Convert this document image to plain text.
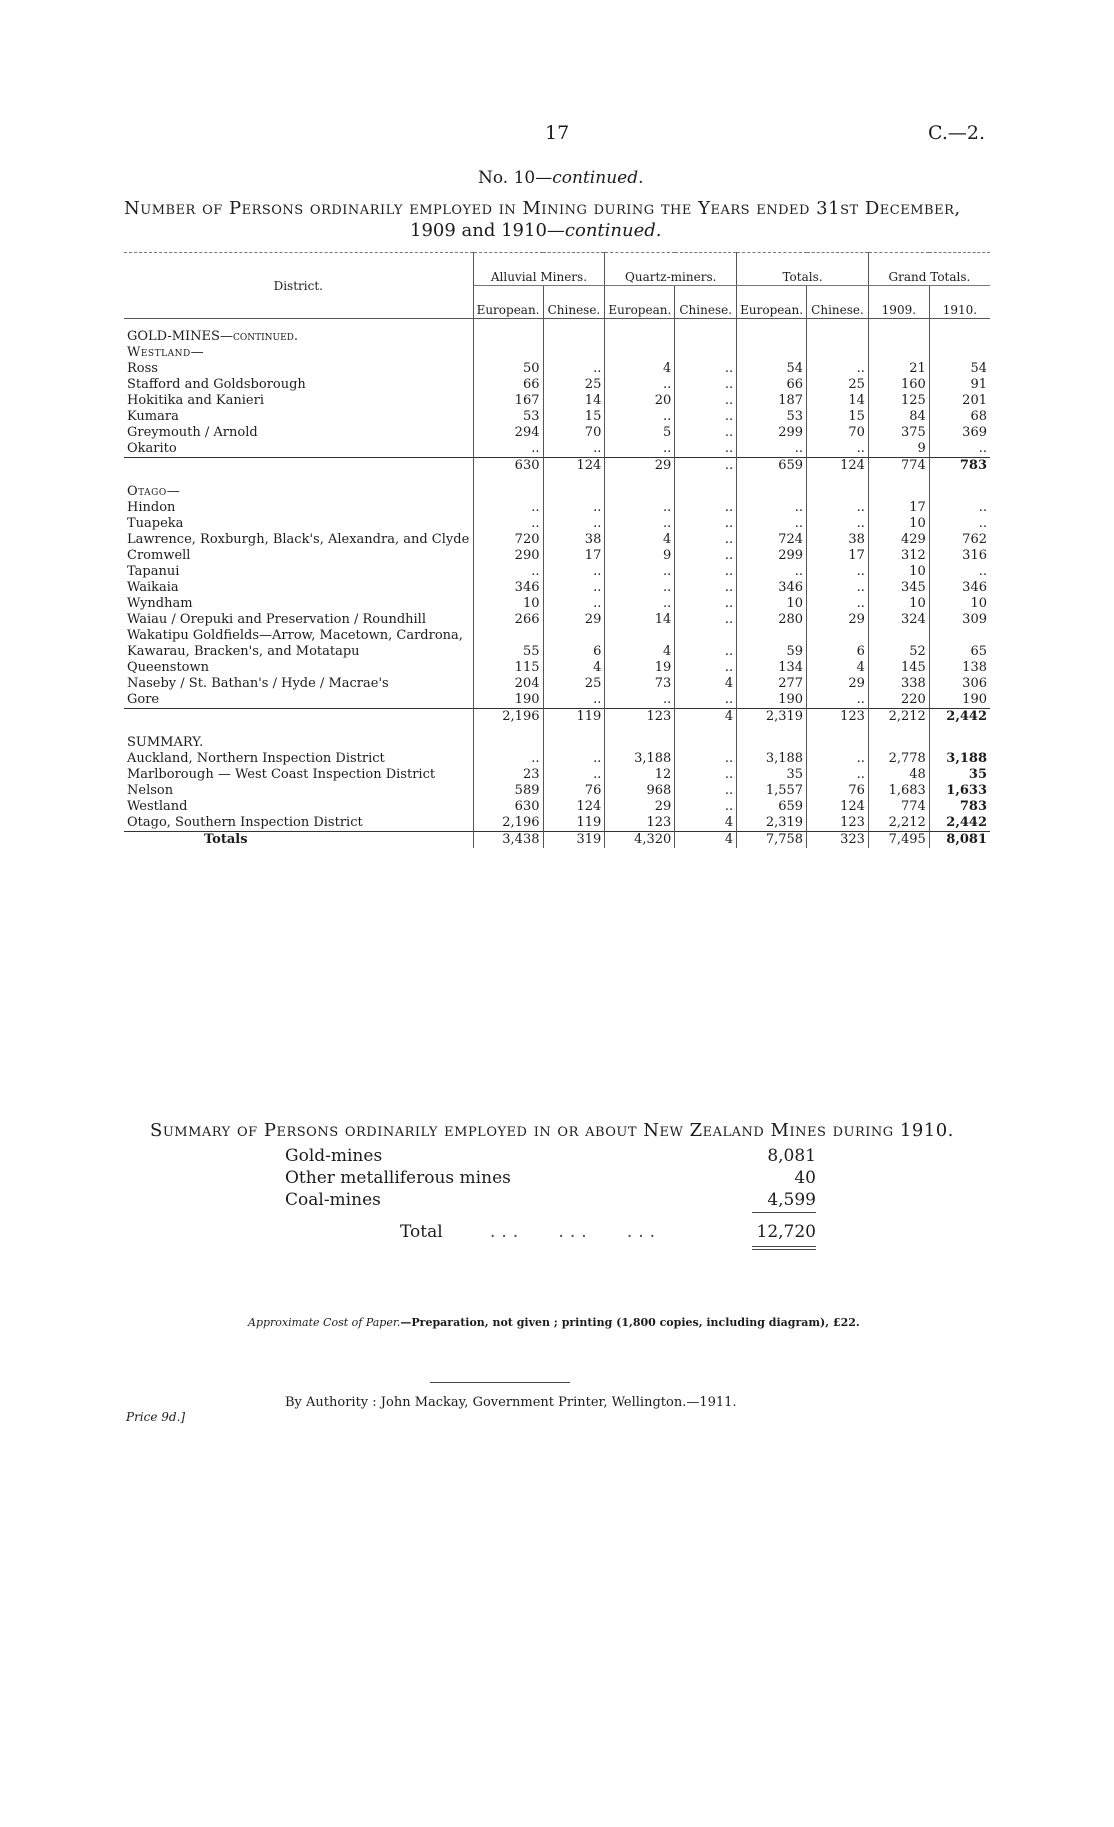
17	C.—2.
No. 10—continued.
Number of Persons ordinarily employed in Mining during the Years ended 31st December,
1909 and 1910—continued.
District.	Alluvial Miners.		Quartz-miners.		Totals.		Grand Totals.	
	European.	Chinese.	European.	Chinese.	European.	Chinese.	1909.	1910.
GOLD-MINES—continued.								
Westland—								
Ross	50	..	4	..	54	..	21	54
Stafford and Goldsborough	66	25	..	..	66	25	160	91
Hokitika and Kanieri	167	14	20	..	187	14	125	201
Kumara	53	15	..	..	53	15	84	68
Greymouth / Arnold	294	70	5	..	299	70	375	369
Okarito	..	..	..	..	..	..	9	..
	630	124	29	..	659	124	774	783
Otago—								
Hindon	..	..	..	..	..	..	17	..
Tuapeka	..	..	..	..	..	..	10	..
Lawrence, Roxburgh, Black's, Alexandra, and Clyde	720	38	4	..	724	38	429	762
Cromwell	290	17	9	..	299	17	312	316
Tapanui	..	..	..	..	..	..	10	..
Waikaia	346	..	..	..	346	..	345	346
Wyndham	10	..	..	..	10	..	10	10
Waiau / Orepuki and Preservation / Roundhill	266	29	14	..	280	29	324	309
Wakatipu Goldfields—Arrow, Macetown, Cardrona, Kawarau, Bracken's, and Motatapu	55	6	4	..	59	6	52	65
Queenstown	115	4	19	..	134	4	145	138
Naseby / St. Bathan's / Hyde / Macrae's	204	25	73	4	277	29	338	306
Gore	190	..	..	..	190	..	220	190
	2,196	119	123	4	2,319	123	2,212	2,442
SUMMARY.								
Auckland, Northern Inspection District	..	..	3,188	..	3,188	..	2,778	3,188
Marlborough — West Coast Inspection District	23	..	12	..	35	..	48	35
Nelson	589	76	968	..	1,557	76	1,683	1,633
Westland	630	124	29	..	659	124	774	783
Otago, Southern Inspection District	2,196	119	123	4	2,319	123	2,212	2,442
Totals	3,438	319	4,320	4	7,758	323	7,495	8,081
Summary of Persons ordinarily employed in or about New Zealand Mines during 1910.
Gold-mines	8,081
Other metalliferous mines	40
Coal-mines	4,599
Total	...   ...   ...	12,720
Approximate Cost of Paper.—Preparation, not given ; printing (1,800 copies, including diagram), £22.
By Authority : John Mackay, Government Printer, Wellington.—1911.
Price 9d.]
